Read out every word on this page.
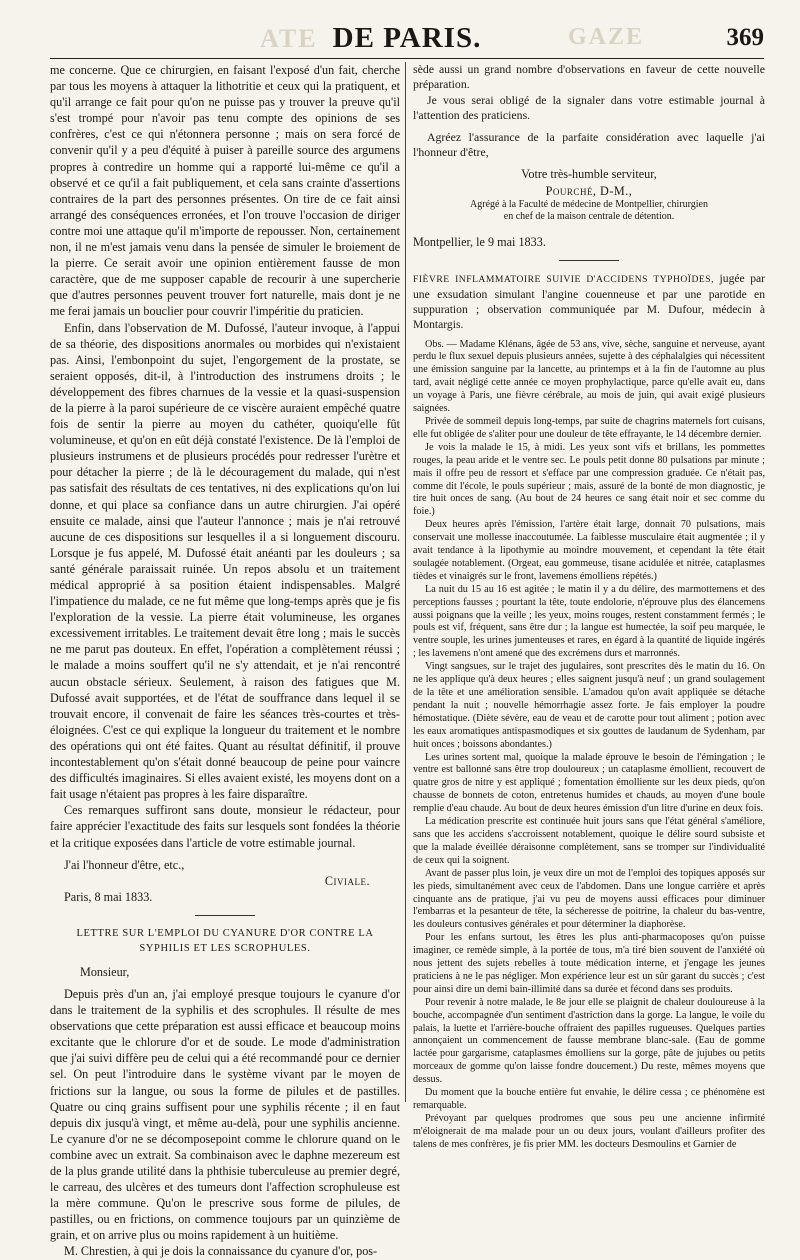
ATE	GAZE
DE PARIS.	369

me concerne. Que ce chirurgien, en faisant l'exposé d'un fait, cherche par tous les moyens à attaquer la lithotritie et ceux qui la pratiquent, et qu'il arrange ce fait pour qu'on ne puisse pas y trouver la preuve qu'il s'est trompé pour n'avoir pas tenu compte des opinions de ses confrères, c'est ce qui n'étonnera personne ; mais on sera forcé de convenir qu'il y a peu d'équité à puiser à pareille source des argumens propres à contredire un homme qui a rapporté lui-même ce qu'il a observé et ce qu'il a fait publiquement, et cela sans crainte d'assertions contraires de la part des personnes présentes. On tire de ce fait ainsi arrangé des conséquences erronées, et l'on trouve l'occasion de diriger contre moi une attaque qu'il m'importe de repousser. Non, certainement non, il ne m'est jamais venu dans la pensée de simuler le broiement de la pierre. Ce serait avoir une opinion entièrement fausse de mon caractère, que de me supposer capable de recourir à une supercherie que d'autres personnes peuvent trouver fort naturelle, mais dont je ne me ferai jamais un bouclier pour couvrir l'impéritie du praticien.

Enfin, dans l'observation de M. Dufossé, l'auteur invoque, à l'appui de sa théorie, des dispositions anormales ou morbides qui n'existaient pas. Ainsi, l'embonpoint du sujet, l'engorgement de la prostate, se seraient opposés, dit-il, à l'introduction des instrumens droits ; le développement des fibres charnues de la vessie et la quasi-suspension de la pierre à la paroi supérieure de ce viscère auraient empêché quatre fois de sentir la pierre au moyen du cathéter, quoiqu'elle fût volumineuse, et qu'on en eût déjà constaté l'existence. De là l'emploi de plusieurs instrumens et de plusieurs procédés pour redresser l'urètre et pour détacher la pierre ; de là le découragement du malade, qui n'est pas satisfait des résultats de ces tentatives, ni des explications qu'on lui donne, et qui place sa confiance dans un autre chirurgien. J'ai opéré ensuite ce malade, ainsi que l'auteur l'annonce ; mais je n'ai retrouvé aucune de ces dispositions sur lesquelles il a si longuement discouru. Lorsque je fus appelé, M. Dufossé était anéanti par les douleurs ; sa santé générale paraissait ruinée. Un repos absolu et un traitement médical approprié à sa position étaient indispensables. Malgré l'impatience du malade, ce ne fut même que long-temps après que je fis l'exploration de la vessie. La pierre était volumineuse, les organes excessivement irritables. Le traitement devait être long ; mais le succès ne me parut pas douteux. En effet, l'opération a complètement réussi ; le malade a moins souffert qu'il ne s'y attendait, et je n'ai rencontré aucun obstacle sérieux. Seulement, à raison des fatigues que M. Dufossé avait supportées, et de l'état de souffrance dans lequel il se trouvait encore, il convenait de faire les séances très-courtes et très-éloignées. C'est ce qui explique la longueur du traitement et le nombre des opérations qui ont été faites. Quant au résultat définitif, il prouve incontestablement qu'on s'était donné beaucoup de peine pour vaincre des difficultés imaginaires. Si elles avaient existé, les moyens dont on a fait usage n'étaient pas propres à les faire disparaître.

Ces remarques suffiront sans doute, monsieur le rédacteur, pour faire apprécier l'exactitude des faits sur lesquels sont fondées la théorie et la critique exposées dans l'article de votre estimable journal.

J'ai l'honneur d'être, etc.,

Civiale.

Paris, 8 mai 1833.

LETTRE SUR L'EMPLOI DU CYANURE D'OR CONTRE LA SYPHILIS ET LES SCROPHULES.

Monsieur,

Depuis près d'un an, j'ai employé presque toujours le cyanure d'or dans le traitement de la syphilis et des scrophules. Il résulte de mes observations que cette préparation est aussi efficace et beaucoup moins excitante que le chlorure d'or et de soude. Le mode d'administration que j'ai suivi diffère peu de celui qui a été recommandé pour ce dernier sel. On peut l'introduire dans le système vivant par le moyen de frictions sur la langue, ou sous la forme de pilules et de pastilles. Quatre ou cinq grains suffisent pour une syphilis récente ; il en faut depuis dix jusqu'à vingt, et même au-delà, pour une syphilis ancienne. Le cyanure d'or ne se décomposepoint comme le chlorure quand on le combine avec un extrait. Sa combinaison avec le daphne mezereum est de la plus grande utilité dans la phthisie tuberculeuse au premier degré, le carreau, des ulcères et des tumeurs dont l'affection scrophuleuse est la mère commune. Qu'on le prescrive sous forme de pilules, de pastilles, ou en frictions, on commence toujours par un quinzième de grain, et on arrive plus ou moins rapidement à un huitième.

M. Chrestien, à qui je dois la connaissance du cyanure d'or, pos-

sède aussi un grand nombre d'observations en faveur de cette nouvelle préparation.

Je vous serai obligé de la signaler dans votre estimable journal à l'attention des praticiens.

Agréez l'assurance de la parfaite considération avec laquelle j'ai l'honneur d'être,

Votre très-humble serviteur,
Pourché, D-M.,
Agrégé à la Faculté de médecine de Montpellier, chirurgien
en chef de la maison centrale de détention.
Montpellier, le 9 mai 1833.
FIÈVRE INFLAMMATOIRE SUIVIE D'ACCIDENS TYPHOÏDES, jugée par une exsudation simulant l'angine couenneuse et par une parotide en suppuration ; observation communiquée par M. Dufour, médecin à Montargis.

Obs. — Madame Klénans, âgée de 53 ans, vive, sèche, sanguine et nerveuse, ayant perdu le flux sexuel depuis plusieurs années, sujette à des céphalalgies qui nécessitent une émission sanguine par la lancette, au printemps et à la fin de l'automne au plus tard, avait négligé cette année ce moyen prophylactique, parce qu'elle avait eu, dans un voyage à Paris, une fièvre cérébrale, au mois de juin, qui avait exigé plusieurs saignées.

Privée de sommeil depuis long-temps, par suite de chagrins maternels fort cuisans, elle fut obligée de s'aliter pour une douleur de tête effrayante, le 14 décembre dernier.

Je vois la malade le 15, à midi. Les yeux sont vifs et brillans, les pommettes rouges, la peau aride et le ventre sec. Le pouls petit donne 80 pulsations par minute ; mais il offre peu de ressort et s'efface par une compression graduée. Ce n'était pas, comme dit l'école, le pouls supérieur ; mais, assuré de la bonté de mon diagnostic, je tire huit onces de sang. (Au bout de 24 heures ce sang était noir et sec comme du foie.)

Deux heures après l'émission, l'artère était large, donnait 70 pulsations, mais conservait une mollesse inaccoutumée. La faiblesse musculaire était augmentée ; il y avait tendance à la lipothymie au moindre mouvement, et cependant la tête était soulagée notablement. (Orgeat, eau gommeuse, tisane acidulée et nitrée, cataplasmes tièdes et vinaigrés sur le front, lavemens émolliens répétés.)

La nuit du 15 au 16 est agitée ; le matin il y a du délire, des marmottemens et des perceptions fausses ; pourtant la tête, toute endolorie, n'éprouve plus des élancemens aussi poignans que la veille ; les yeux, moins rouges, restent constamment fermés ; le pouls est vif, fréquent, sans être dur ; la langue est humectée, la soif peu marquée, le ventre souple, les urines jumenteuses et rares, en égard à la quantité de liquide ingérés ; les lavemens n'ont amené que des excrémens durs et marronnés.

Vingt sangsues, sur le trajet des jugulaires, sont prescrites dès le matin du 16. On ne les applique qu'à deux heures ; elles saignent jusqu'à neuf ; un grand soulagement de la tête et une amélioration sensible. L'amadou qu'on avait appliquée se détache pendant la nuit ; nouvelle hémorrhagie assez forte. Je fais employer la poudre hémostatique. (Diète sévère, eau de veau et de carotte pour tout aliment ; potion avec les eaux aromatiques antispasmodiques et six gouttes de laudanum de Sydenham, par huit onces ; boissons abondantes.)

Les urines sortent mal, quoique la malade éprouve le besoin de l'émingation ; le ventre est ballonné sans être trop douloureux ; un cataplasme émollient, recouvert de quatre gros de nitre y est appliqué ; fomentation émolliente sur les deux pieds, qu'on chausse de bonnets de coton, entretenus humides et chauds, au moyen d'une boule remplie d'eau chaude. Au bout de deux heures émission d'un litre d'urine en deux fois.

La médication prescrite est continuée huit jours sans que l'état général s'améliore, sans que les accidens s'accroissent notablement, quoique le délire sourd subsiste et que la malade éveillée déraisonne complètement, sans se tromper sur l'individualité de ceux qui la soignent.

Avant de passer plus loin, je veux dire un mot de l'emploi des topiques apposés sur les pieds, simultanément avec ceux de l'abdomen. Dans une longue carrière et après cinquante ans de pratique, j'ai vu peu de moyens aussi efficaces pour diminuer l'embarras et la pesanteur de tête, la sécheresse de poitrine, la chaleur du bas-ventre, les douleurs contusives générales et pour déterminer la diaphorèse.

Pour les enfans surtout, les êtres les plus anti-pharmacoposes qu'on puisse imaginer, ce remède simple, à la portée de tous, m'a tiré bien souvent de l'anxiété où nous jettent des sujets rebelles à toute médication interne, et j'engage les jeunes praticiens à ne le pas négliger. Mon expérience leur est un sûr garant du succès ; c'est pour ainsi dire un demi bain-illimité dans sa durée et fécond dans ses produits.

Pour revenir à notre malade, le 8e jour elle se plaignit de chaleur douloureuse à la bouche, accompagnée d'un sentiment d'astriction dans la gorge. La langue, le voile du palais, la luette et l'arrière-bouche offraient des papilles rugueuses. Quelques parties annonçaient un commencement de fausse membrane blanc-sale. (Eau de gomme lactée pour gargarisme, cataplasmes émolliens sur la gorge, pâte de jujubes ou petits morceaux de gomme qu'on laisse fondre doucement.) Du reste, mêmes moyens que dessus.

Du moment que la bouche entière fut envahie, le délire cessa ; ce phénomène est remarquable.

Prévoyant par quelques prodromes que sous peu une ancienne infirmité m'éloignerait de ma malade pour un ou deux jours, voulant d'ailleurs profiter des talens de mes confrères, je fis prier MM. les docteurs Desmoulins et Garnier de
